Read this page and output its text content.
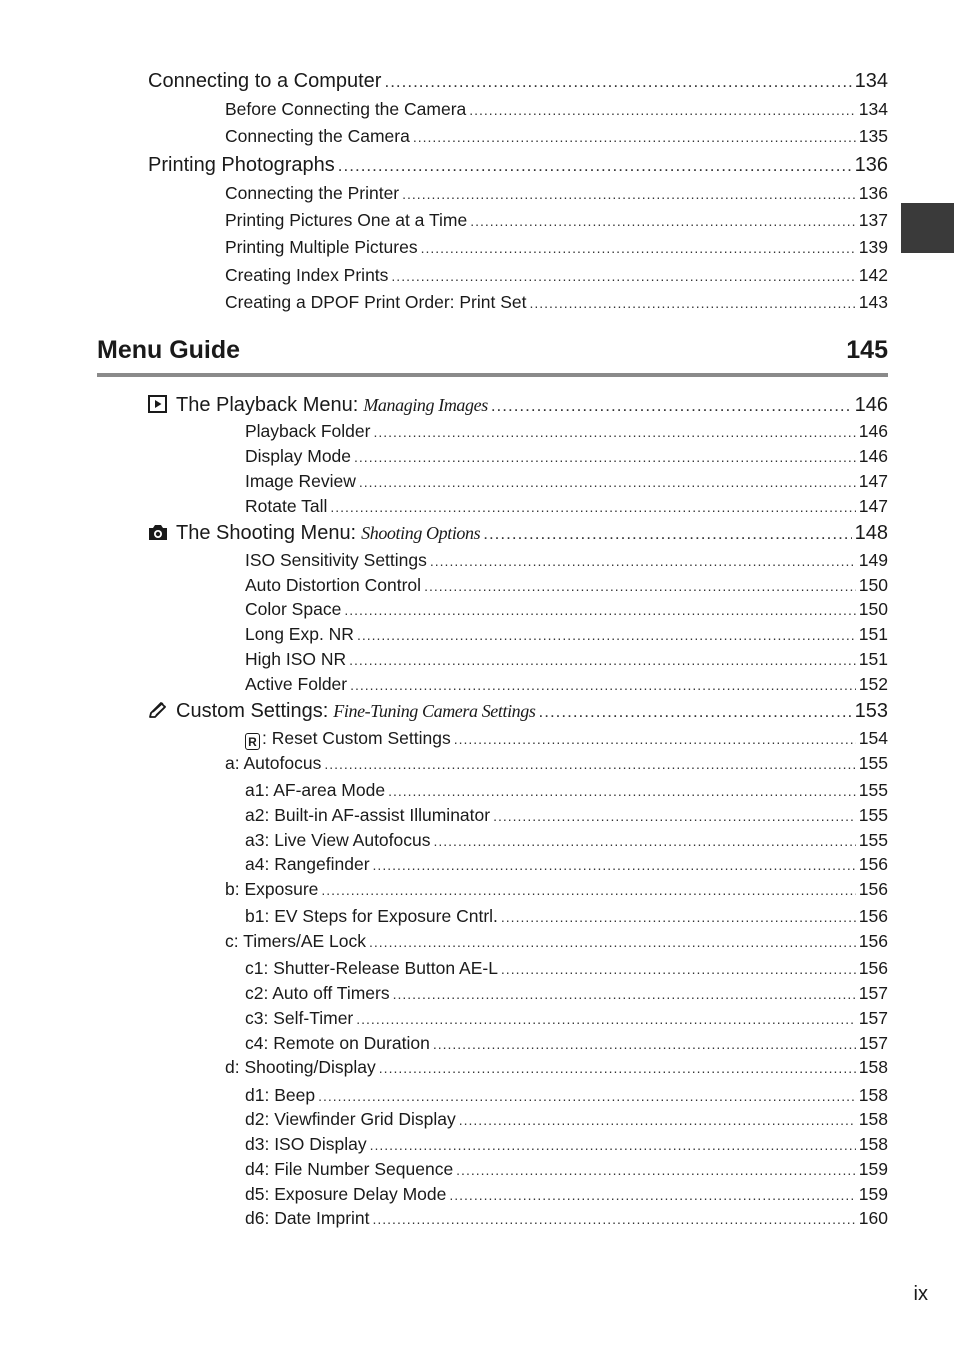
Connecting to a Computer .....	134
Before Connecting the Camera .....	134
Connecting the Camera .....	135
Printing Photographs .....	136
Connecting the Printer .....	136
Printing Pictures One at a Time .....	137
Printing Multiple Pictures .....	139
Creating Index Prints .....	142
Creating a DPOF Print Order: Print Set .....	143
Menu Guide	145
The Playback Menu: Managing Images .....	146
Playback Folder .....	146
Display Mode .....	146
Image Review .....	147
Rotate Tall .....	147
The Shooting Menu: Shooting Options .....	148
ISO Sensitivity Settings .....	149
Auto Distortion Control .....	150
Color Space .....	150
Long Exp. NR .....	151
High ISO NR .....	151
Active Folder .....	152
Custom Settings: Fine-Tuning Camera Settings .....	153
R : Reset Custom Settings .....	154
a: Autofocus .....	155
a1: AF-area Mode .....	155
a2: Built-in AF-assist Illuminator .....	155
a3: Live View Autofocus .....	155
a4: Rangefinder .....	156
b: Exposure .....	156
b1: EV Steps for Exposure Cntrl. .....	156
c: Timers/AE Lock .....	156
c1: Shutter-Release Button AE-L .....	156
c2: Auto off Timers .....	157
c3: Self-Timer .....	157
c4: Remote on Duration .....	157
d: Shooting/Display .....	158
d1: Beep .....	158
d2: Viewfinder Grid Display .....	158
d3: ISO Display .....	158
d4: File Number Sequence .....	159
d5: Exposure Delay Mode .....	159
d6: Date Imprint .....	160
ix
